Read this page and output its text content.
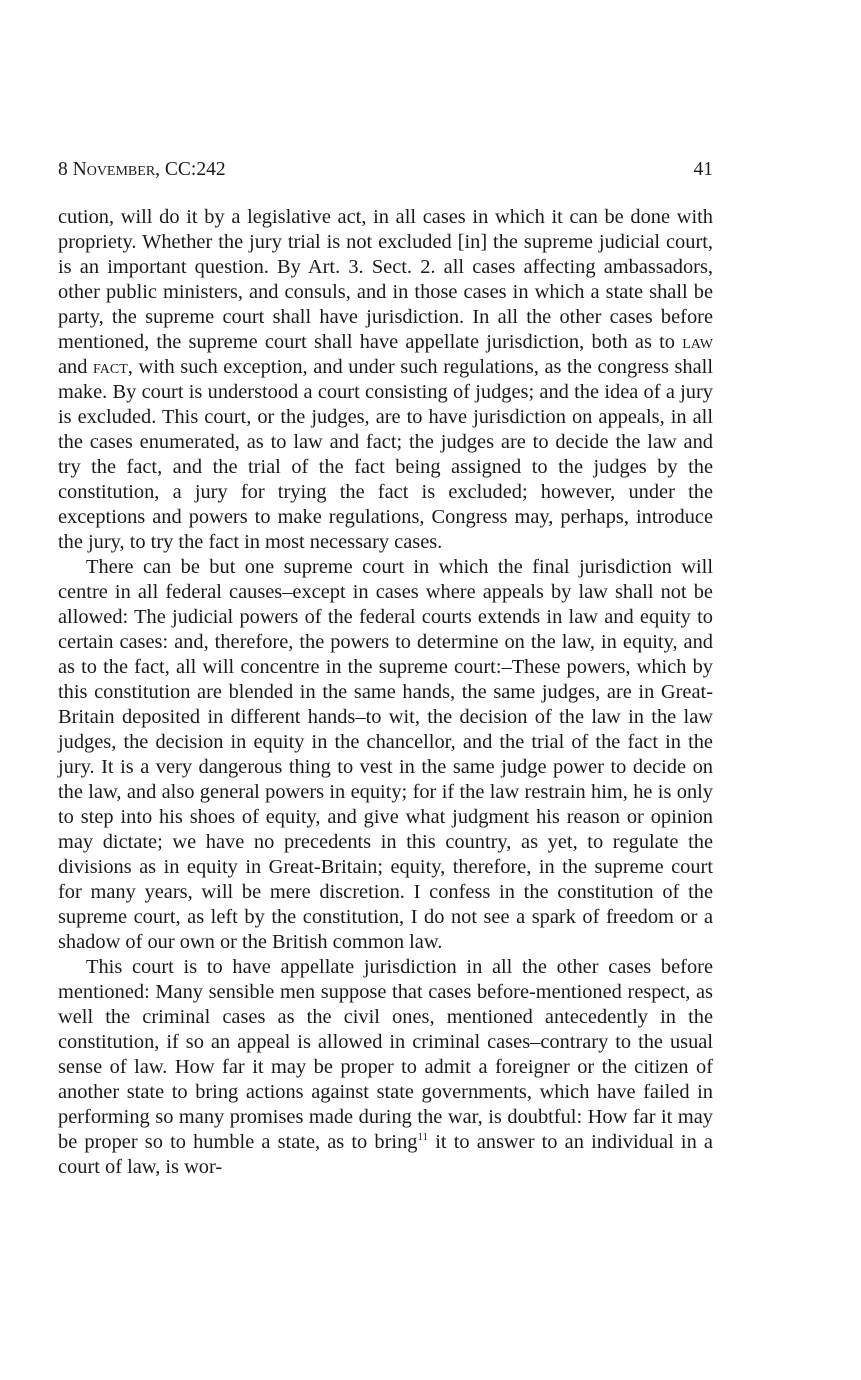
8 November, CC:242	41

cution, will do it by a legislative act, in all cases in which it can be done with propriety. Whether the jury trial is not excluded [in] the supreme judicial court, is an important question. By Art. 3. Sect. 2. all cases affecting ambassadors, other public ministers, and consuls, and in those cases in which a state shall be party, the supreme court shall have jurisdiction. In all the other cases before mentioned, the supreme court shall have appellate jurisdiction, both as to law and fact, with such exception, and under such regulations, as the congress shall make. By court is understood a court consisting of judges; and the idea of a jury is excluded. This court, or the judges, are to have jurisdiction on appeals, in all the cases enumerated, as to law and fact; the judges are to decide the law and try the fact, and the trial of the fact being assigned to the judges by the constitution, a jury for trying the fact is excluded; however, under the exceptions and powers to make regulations, Congress may, perhaps, introduce the jury, to try the fact in most necessary cases.

There can be but one supreme court in which the final jurisdiction will centre in all federal causes–except in cases where appeals by law shall not be allowed: The judicial powers of the federal courts extends in law and equity to certain cases: and, therefore, the powers to determine on the law, in equity, and as to the fact, all will concentre in the supreme court:–These powers, which by this constitution are blended in the same hands, the same judges, are in Great-Britain deposited in different hands–to wit, the decision of the law in the law judges, the decision in equity in the chancellor, and the trial of the fact in the jury. It is a very dangerous thing to vest in the same judge power to decide on the law, and also general powers in equity; for if the law restrain him, he is only to step into his shoes of equity, and give what judgment his reason or opinion may dictate; we have no precedents in this country, as yet, to regulate the divisions as in equity in Great-Britain; equity, therefore, in the supreme court for many years, will be mere discretion. I confess in the constitution of the supreme court, as left by the constitution, I do not see a spark of freedom or a shadow of our own or the British common law.

This court is to have appellate jurisdiction in all the other cases before mentioned: Many sensible men suppose that cases before-mentioned respect, as well the criminal cases as the civil ones, mentioned antecedently in the constitution, if so an appeal is allowed in criminal cases–contrary to the usual sense of law. How far it may be proper to admit a foreigner or the citizen of another state to bring actions against state governments, which have failed in performing so many promises made during the war, is doubtful: How far it may be proper so to humble a state, as to bring$^{11}$ it to answer to an individual in a court of law, is wor-
